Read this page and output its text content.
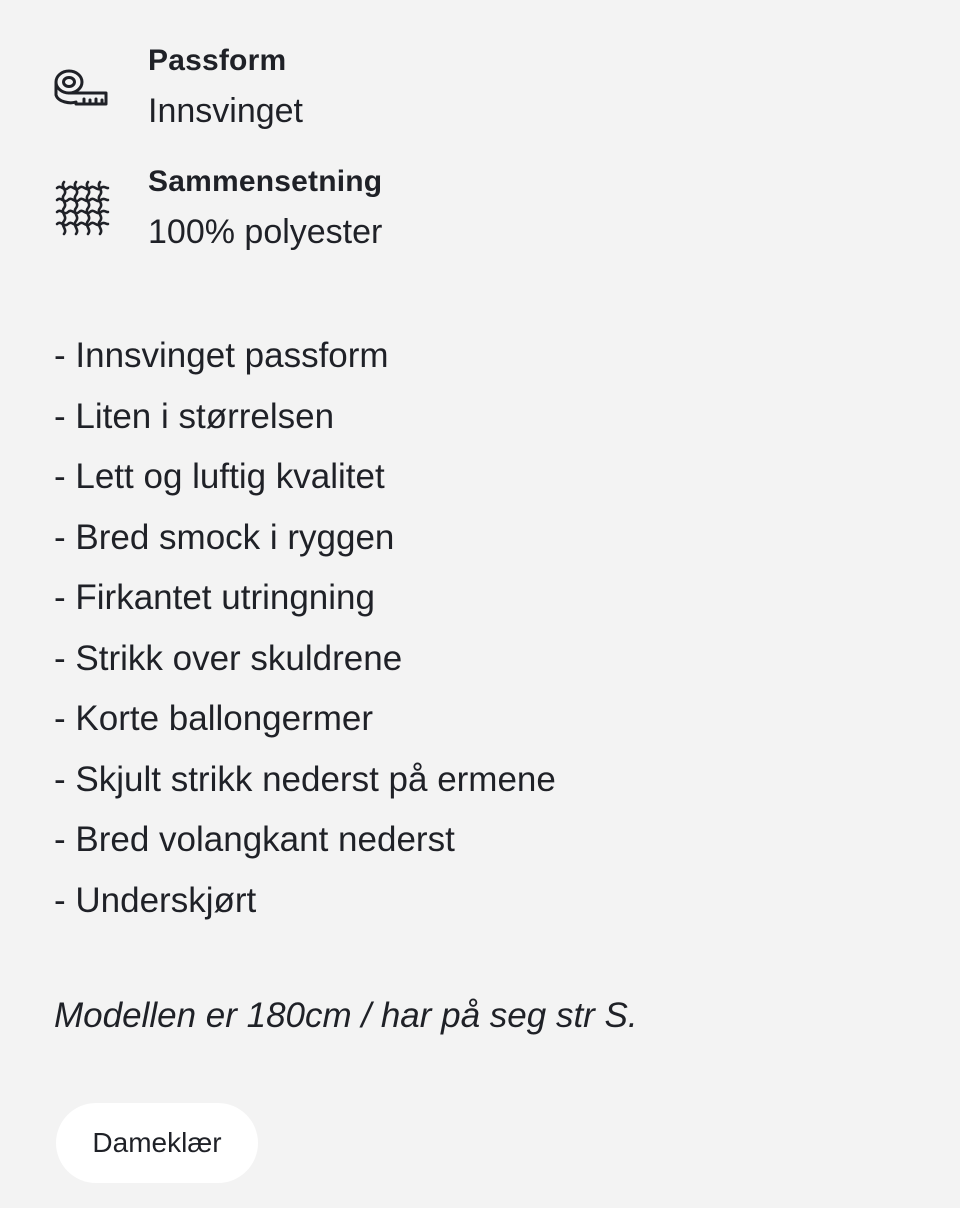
Passform
Innsvinget
Sammensetning
100% polyester
- Innsvinget passform
- Liten i størrelsen
- Lett og luftig kvalitet
- Bred smock i ryggen
- Firkantet utringning
- Strikk over skuldrene
- Korte ballongermer
- Skjult strikk nederst på ermene
- Bred volangkant nederst
- Underskjørt
Modellen er 180cm / har på seg str S.
Dameklær
